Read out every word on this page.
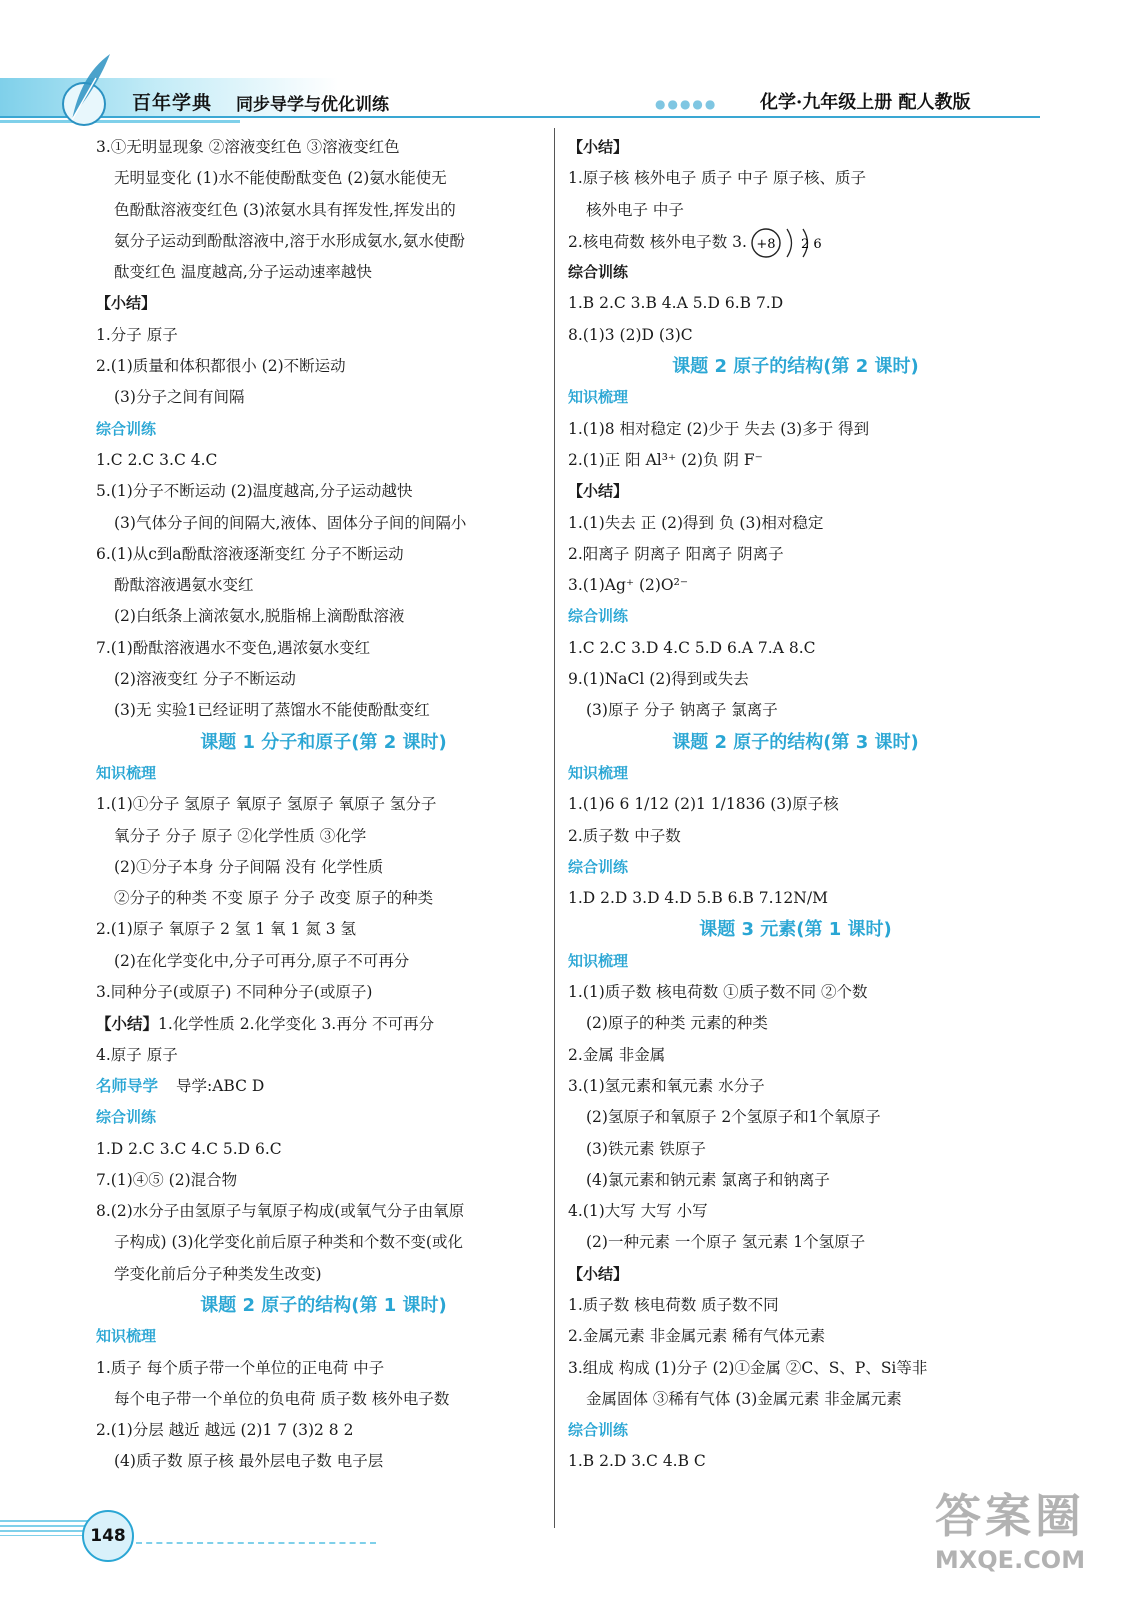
百年学典 同步导学与优化训练	●●●●● 化学·九年级上册 配人教版
3.①无明显现象 ②溶液变红色 ③溶液变红色
无明显变化 (1)水不能使酚酞变色 (2)氨水能使无
色酚酞溶液变红色 (3)浓氨水具有挥发性,挥发出的
氨分子运动到酚酞溶液中,溶于水形成氨水,氨水使酚
酞变红色 温度越高,分子运动速率越快
【小结】
1.分子 原子
2.(1)质量和体积都很小 (2)不断运动
(3)分子之间有间隔
综合训练
1.C 2.C 3.C 4.C
5.(1)分子不断运动 (2)温度越高,分子运动越快
(3)气体分子间的间隔大,液体、固体分子间的间隔小
6.(1)从c到a酚酞溶液逐渐变红 分子不断运动
酚酞溶液遇氨水变红
(2)白纸条上滴浓氨水,脱脂棉上滴酚酞溶液
7.(1)酚酞溶液遇水不变色,遇浓氨水变红
(2)溶液变红 分子不断运动
(3)无 实验1已经证明了蒸馏水不能使酚酞变红
课题 1 分子和原子(第 2 课时)
知识梳理
1.(1)①分子 氢原子 氧原子 氢原子 氧原子 氢分子
氧分子 分子 原子 ②化学性质 ③化学
(2)①分子本身 分子间隔 没有 化学性质
②分子的种类 不变 原子 分子 改变 原子的种类
2.(1)原子 氧原子 2 氢 1 氧 1 氮 3 氢
(2)在化学变化中,分子可再分,原子不可再分
3.同种分子(或原子) 不同种分子(或原子)
【小结】1.化学性质 2.化学变化 3.再分 不可再分
4.原子 原子
名师导学 导学:ABC D
综合训练
1.D 2.C 3.C 4.C 5.D 6.C
7.(1)④⑤ (2)混合物
8.(2)水分子由氢原子与氧原子构成(或氧气分子由氧原
子构成) (3)化学变化前后原子种类和个数不变(或化
学变化前后分子种类发生改变)
课题 2 原子的结构(第 1 课时)
知识梳理
1.质子 每个质子带一个单位的正电荷 中子
每个电子带一个单位的负电荷 质子数 核外电子数
2.(1)分层 越近 越远 (2)1 7 (3)2 8 2
(4)质子数 原子核 最外层电子数 电子层
【小结】
1.原子核 核外电子 质子 中子 原子核、质子
核外电子 中子
2.核电荷数 核外电子数 3. +8 2 6
综合训练
1.B 2.C 3.B 4.A 5.D 6.B 7.D
8.(1)3 (2)D (3)C
课题 2 原子的结构(第 2 课时)
知识梳理
1.(1)8 相对稳定 (2)少于 失去 (3)多于 得到
2.(1)正 阳 Al³⁺ (2)负 阴 F⁻
【小结】
1.(1)失去 正 (2)得到 负 (3)相对稳定
2.阳离子 阴离子 阳离子 阴离子
3.(1)Ag⁺ (2)O²⁻
综合训练
1.C 2.C 3.D 4.C 5.D 6.A 7.A 8.C
9.(1)NaCl (2)得到或失去
(3)原子 分子 钠离子 氯离子
课题 2 原子的结构(第 3 课时)
知识梳理
1.(1)6 6 1/12 (2)1 1/1836 (3)原子核
2.质子数 中子数
综合训练
1.D 2.D 3.D 4.D 5.B 6.B 7.12N/M
课题 3 元素(第 1 课时)
知识梳理
1.(1)质子数 核电荷数 ①质子数不同 ②个数
(2)原子的种类 元素的种类
2.金属 非金属
3.(1)氢元素和氧元素 水分子
(2)氢原子和氧原子 2个氢原子和1个氧原子
(3)铁元素 铁原子
(4)氯元素和钠元素 氯离子和钠离子
4.(1)大写 大写 小写
(2)一种元素 一个原子 氢元素 1个氢原子
【小结】
1.质子数 核电荷数 质子数不同
2.金属元素 非金属元素 稀有气体元素
3.组成 构成 (1)分子 (2)①金属 ②C、S、P、Si等非
金属固体 ③稀有气体 (3)金属元素 非金属元素
综合训练
1.B 2.D 3.C 4.B C
148	答案圈
MXQE.COM
